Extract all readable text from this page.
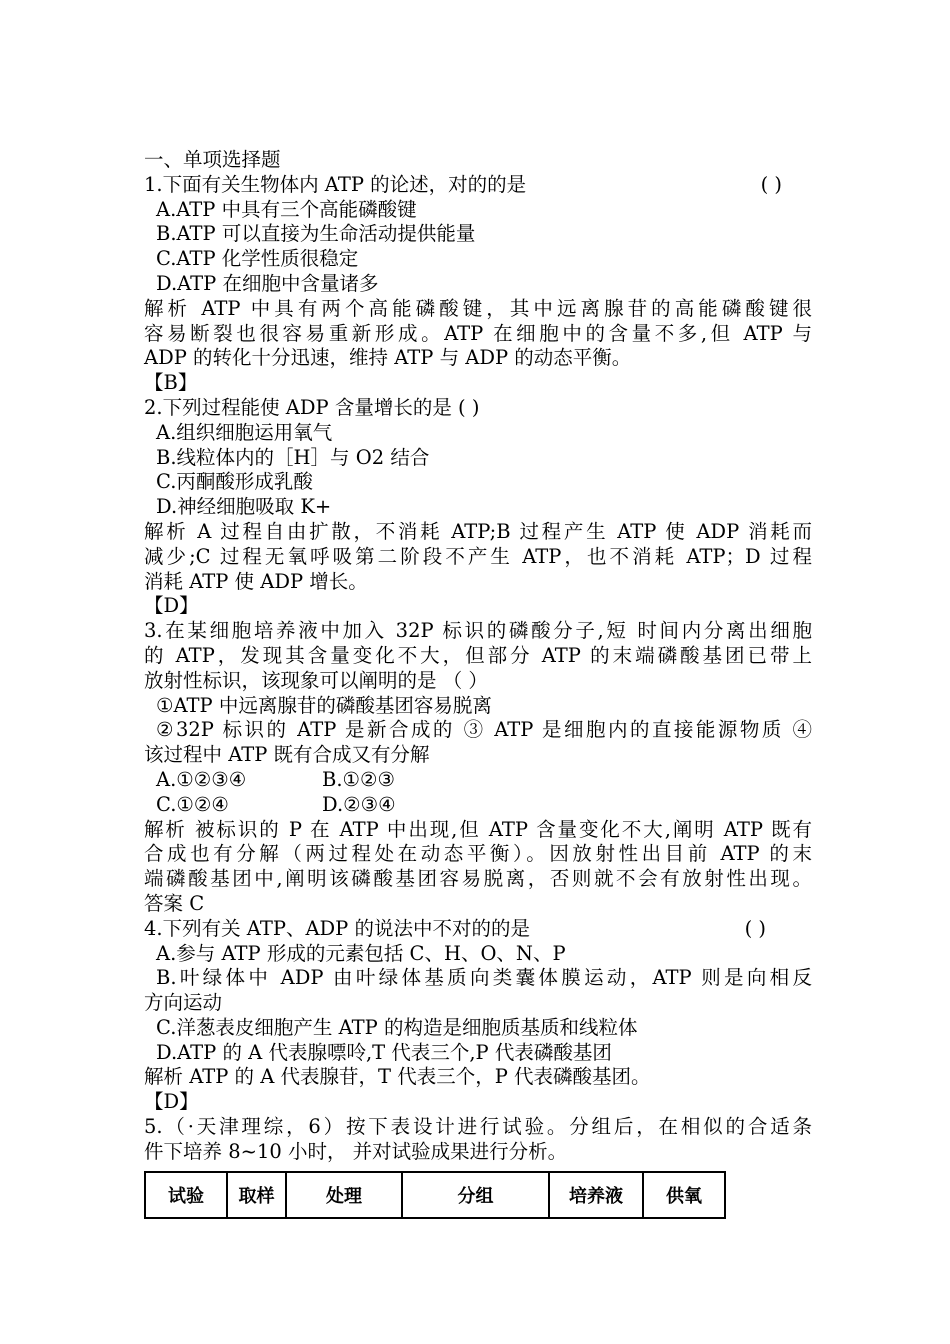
一、单项选择题
1.下面有关生物体内 ATP 的论述，对的的是	( )
A.ATP 中具有三个高能磷酸键
B.ATP 可以直接为生命活动提供能量
C.ATP 化学性质很稳定
D.ATP 在细胞中含量诸多
解析 ATP 中具有两个高能磷酸键，其中远离腺苷的高能磷酸键很
容易断裂也很容易重新形成。ATP 在细胞中的含量不多,但 ATP 与
ADP 的转化十分迅速，维持 ATP 与 ADP 的动态平衡。
【B】
2.下列过程能使 ADP 含量增长的是 ( )
A.组织细胞运用氧气
B.线粒体内的［H］与 O2 结合
C.丙酮酸形成乳酸
D.神经细胞吸取 K+
解析 A 过程自由扩散，不消耗 ATP;B 过程产生 ATP 使 ADP 消耗而
减少;C 过程无氧呼吸第二阶段不产生 ATP，也不消耗 ATP；D 过程
消耗 ATP 使 ADP 增长。
【D】
3.在某细胞培养液中加入 32P 标识的磷酸分子,短 时间内分离出细胞
的 ATP，发现其含量变化不大，但部分 ATP 的末端磷酸基团已带上
放射性标识，该现象可以阐明的是 （ ）
①ATP 中远离腺苷的磷酸基团容易脱离
②32P 标识的 ATP 是新合成的 ③ ATP 是细胞内的直接能源物质 ④
该过程中 ATP 既有合成又有分解
A.①②③④	B.①②③
C.①②④	D.②③④
解析 被标识的 P 在 ATP 中出现,但 ATP 含量变化不大,阐明 ATP 既有
合成也有分解（两过程处在动态平衡）。因放射性出目前 ATP 的末
端磷酸基团中,阐明该磷酸基团容易脱离，否则就不会有放射性出现。
答案 C
4.下列有关 ATP、ADP 的说法中不对的的是	( )
A.参与 ATP 形成的元素包括 C、H、O、N、P
B.叶绿体中 ADP 由叶绿体基质向类囊体膜运动，ATP 则是向相反
方向运动
C.洋葱表皮细胞产生 ATP 的构造是细胞质基质和线粒体
D.ATP 的 A 代表腺嘌呤,T 代表三个,P 代表磷酸基团
解析 ATP 的 A 代表腺苷，T 代表三个，P 代表磷酸基团。
【D】
5.（·天津理综，6）按下表设计进行试验。分组后，在相似的合适条
件下培养 8~10 小时， 并对试验成果进行分析。
试验	取样	处理	分组	培养液	供氧
